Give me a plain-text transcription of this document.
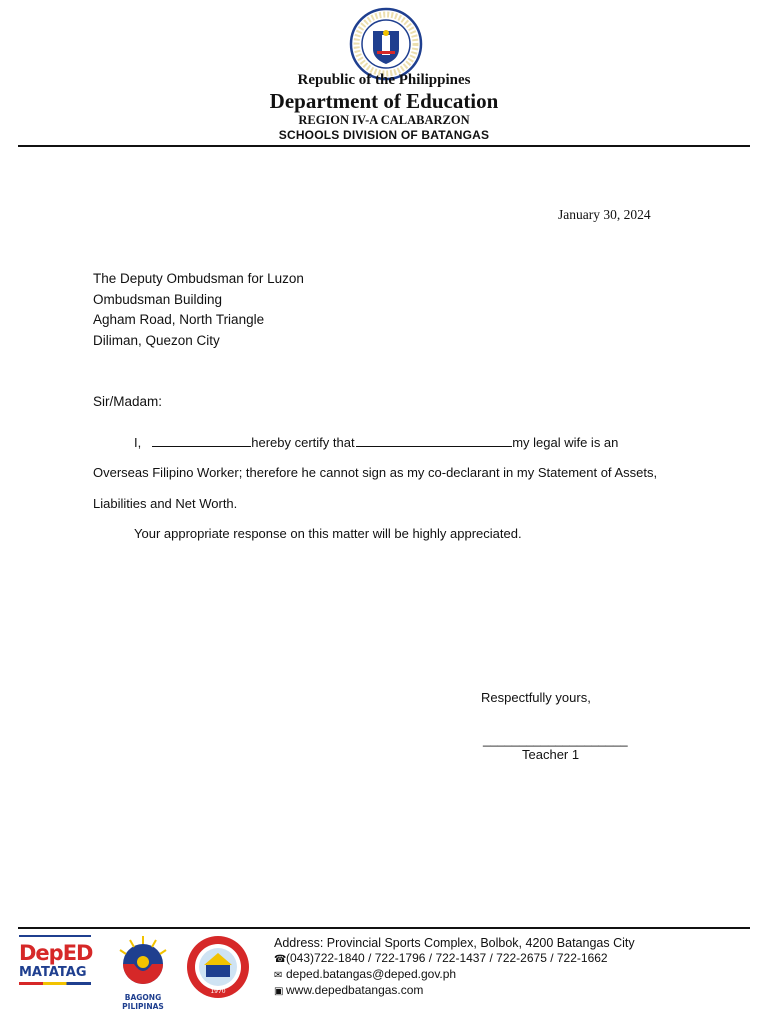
Republic of the Philippines
Department of Education
REGION IV-A CALABARZON
SCHOOLS DIVISION OF BATANGAS
January 30, 2024
The Deputy Ombudsman for Luzon
Ombudsman Building
Agham Road, North Triangle
Diliman, Quezon City
Sir/Madam:
I,	hereby certify that	my legal wife is an
Overseas Filipino Worker; therefore he cannot sign as my co-declarant in my Statement of Assets,
Liabilities and Net Worth.
Your appropriate response on this matter will be highly appreciated.
Respectfully yours,
____________________
Teacher 1
DepED
MATATAG
BAGONG PILIPINAS
1970
Address: Provincial Sports Complex, Bolbok, 4200 Batangas City
☎(043)722-1840 / 722-1796 / 722-1437 / 722-2675 / 722-1662
✉ deped.batangas@deped.gov.ph
▣ www.depedbatangas.com
